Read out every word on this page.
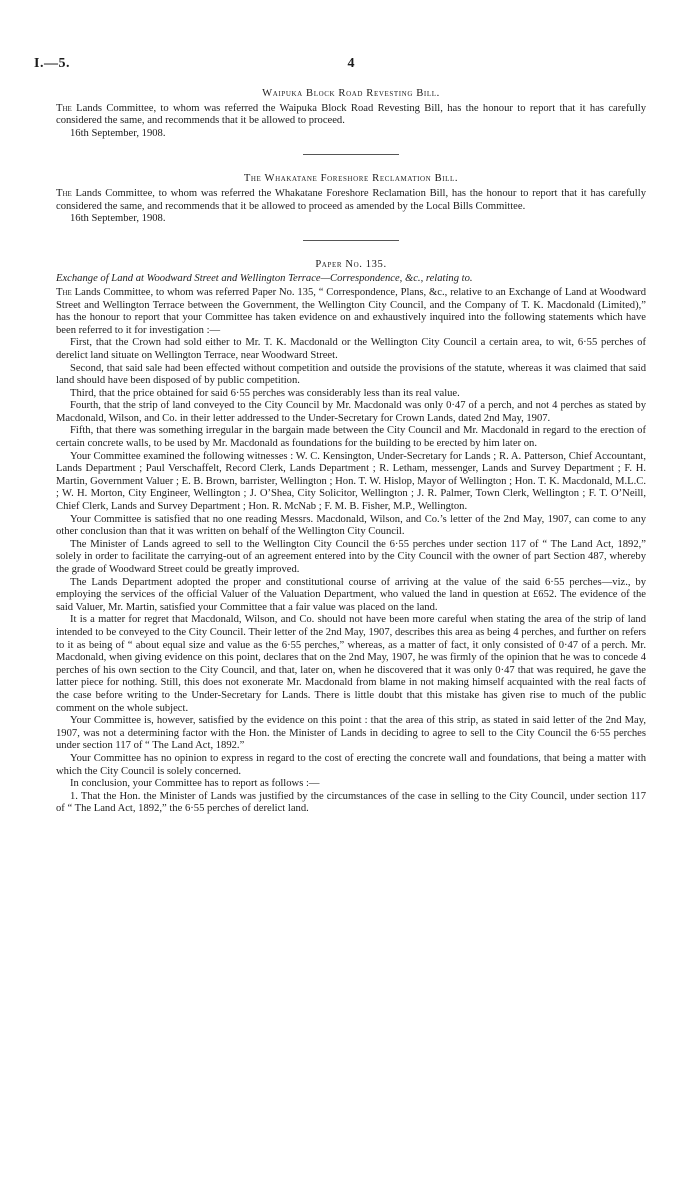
I.—5.	4
Waipuka Block Road Revesting Bill.

The Lands Committee, to whom was referred the Waipuka Block Road Revesting Bill, has the honour to report that it has carefully considered the same, and recommends that it be allowed to proceed.

16th September, 1908.

The Whakatane Foreshore Reclamation Bill.

The Lands Committee, to whom was referred the Whakatane Foreshore Reclamation Bill, has the honour to report that it has carefully considered the same, and recommends that it be allowed to proceed as amended by the Local Bills Committee.

16th September, 1908.

Paper No. 135.
Exchange of Land at Woodward Street and Wellington Terrace—Correspondence, &c., relating to.

The Lands Committee, to whom was referred Paper No. 135, “ Correspondence, Plans, &c., relative to an Exchange of Land at Woodward Street and Wellington Terrace between the Government, the Wellington City Council, and the Company of T. K. Macdonald (Limited),” has the honour to report that your Committee has taken evidence on and exhaustively inquired into the following statements which have been referred to it for investigation :—

First, that the Crown had sold either to Mr. T. K. Macdonald or the Wellington City Council a certain area, to wit, 6·55 perches of derelict land situate on Wellington Terrace, near Woodward Street.

Second, that said sale had been effected without competition and outside the provisions of the statute, whereas it was claimed that said land should have been disposed of by public competition.

Third, that the price obtained for said 6·55 perches was considerably less than its real value.

Fourth, that the strip of land conveyed to the City Council by Mr. Macdonald was only 0·47 of a perch, and not 4 perches as stated by Macdonald, Wilson, and Co. in their letter addressed to the Under-Secretary for Crown Lands, dated 2nd May, 1907.

Fifth, that there was something irregular in the bargain made between the City Council and Mr. Macdonald in regard to the erection of certain concrete walls, to be used by Mr. Macdonald as foundations for the building to be erected by him later on.

Your Committee examined the following witnesses : W. C. Kensington, Under-Secretary for Lands ; R. A. Patterson, Chief Accountant, Lands Department ; Paul Verschaffelt, Record Clerk, Lands Department ; R. Letham, messenger, Lands and Survey Department ; F. H. Martin, Government Valuer ; E. B. Brown, barrister, Wellington ; Hon. T. W. Hislop, Mayor of Wellington ; Hon. T. K. Macdonald, M.L.C. ; W. H. Morton, City Engineer, Wellington ; J. O’Shea, City Solicitor, Wellington ; J. R. Palmer, Town Clerk, Wellington ; F. T. O’Neill, Chief Clerk, Lands and Survey Department ; Hon. R. McNab ; F. M. B. Fisher, M.P., Wellington.

Your Committee is satisfied that no one reading Messrs. Macdonald, Wilson, and Co.’s letter of the 2nd May, 1907, can come to any other conclusion than that it was written on behalf of the Wellington City Council.

The Minister of Lands agreed to sell to the Wellington City Council the 6·55 perches under section 117 of “ The Land Act, 1892,” solely in order to facilitate the carrying-out of an agreement entered into by the City Council with the owner of part Section 487, whereby the grade of Woodward Street could be greatly improved.

The Lands Department adopted the proper and constitutional course of arriving at the value of the said 6·55 perches—viz., by employing the services of the official Valuer of the Valuation Department, who valued the land in question at £652. The evidence of the said Valuer, Mr. Martin, satisfied your Committee that a fair value was placed on the land.

It is a matter for regret that Macdonald, Wilson, and Co. should not have been more careful when stating the area of the strip of land intended to be conveyed to the City Council. Their letter of the 2nd May, 1907, describes this area as being 4 perches, and further on refers to it as being of “ about equal size and value as the 6·55 perches,” whereas, as a matter of fact, it only consisted of 0·47 of a perch. Mr. Macdonald, when giving evidence on this point, declares that on the 2nd May, 1907, he was firmly of the opinion that he was to concede 4 perches of his own section to the City Council, and that, later on, when he discovered that it was only 0·47 that was required, he gave the latter piece for nothing. Still, this does not exonerate Mr. Macdonald from blame in not making himself acquainted with the real facts of the case before writing to the Under-Secretary for Lands. There is little doubt that this mistake has given rise to much of the public comment on the whole subject.

Your Committee is, however, satisfied by the evidence on this point : that the area of this strip, as stated in said letter of the 2nd May, 1907, was not a determining factor with the Hon. the Minister of Lands in deciding to agree to sell to the City Council the 6·55 perches under section 117 of “ The Land Act, 1892.”

Your Committee has no opinion to express in regard to the cost of erecting the concrete wall and foundations, that being a matter with which the City Council is solely concerned.

In conclusion, your Committee has to report as follows :—

1. That the Hon. the Minister of Lands was justified by the circumstances of the case in selling to the City Council, under section 117 of “ The Land Act, 1892,” the 6·55 perches of derelict land.
